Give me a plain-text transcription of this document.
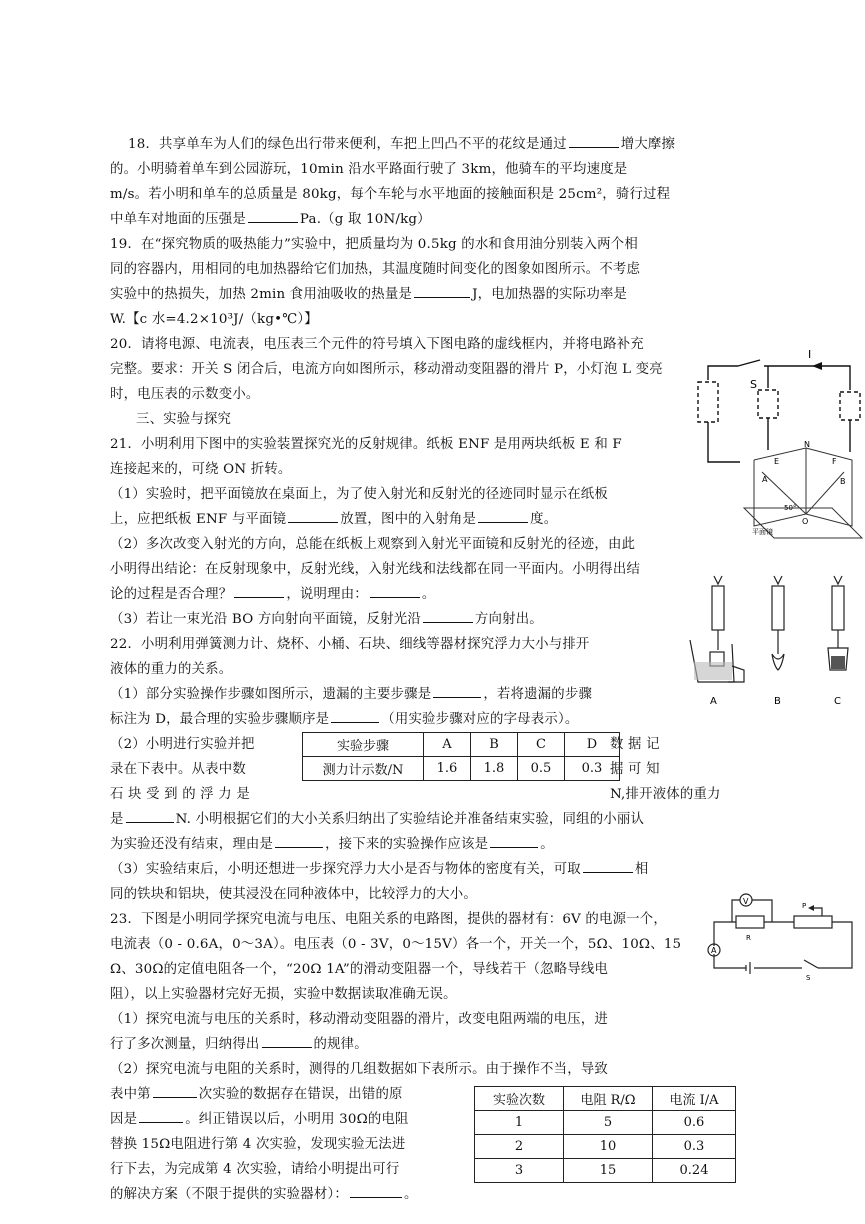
18．共享单车为人们的绿色出行带来便利，车把上凹凸不平的花纹是通过	增大摩擦
的。小明骑着单车到公园游玩，10min 沿水平路面行驶了 3km，他骑车的平均速度是
m/s。若小明和单车的总质量是 80kg，每个车轮与水平地面的接触面积是 25cm²，骑行过程
中单车对地面的压强是	Pa.（g 取 10N/kg）
19．在“探究物质的吸热能力”实验中，把质量均为 0.5kg 的水和食用油分别装入两个相
同的容器内，用相同的电加热器给它们加热，其温度随时间变化的图象如图所示。不考虑
实验中的热损失，加热 2min 食用油吸收的热量是	J，电加热器的实际功率是
W.【c 水=4.2×10³J/（kg•℃）】
20．请将电源、电流表，电压表三个元件的符号填入下图电路的虚线框内，并将电路补充
完整。要求：开关 S 闭合后，电流方向如图所示，移动滑动变阻器的滑片 P，小灯泡 L 变亮
时，电压表的示数变小。
三、实验与探究
21．小明利用下图中的实验装置探究光的反射规律。纸板 ENF 是用两块纸板 E 和 F
连接起来的，可绕 ON 折转。
（1）实验时，把平面镜放在桌面上，为了使入射光和反射光的径迹同时显示在纸板
上，应把纸板 ENF 与平面镜	放置，图中的入射角是	度。
（2）多次改变入射光的方向，总能在纸板上观察到入射光平面镜和反射光的径迹，由此
小明得出结论：在反射现象中，反射光线，入射光线和法线都在同一平面内。小明得出结
论的过程是否合理？	，说明理由：	。
（3）若让一束光沿 BO 方向射向平面镜，反射光沿	方向射出。
22．小明利用弹簧测力计、烧杯、小桶、石块、细线等器材探究浮力大小与排开
液体的重力的关系。
（1）部分实验操作步骤如图所示，遗漏的主要步骤是	，若将遗漏的步骤
标注为 D，最合理的实验步骤顺序是	（用实验步骤对应的字母表示）。
（2）小明进行实验并把	数 据 记
录在下表中。从表中数	据 可 知
石 块 受 到 的 浮 力 是	N,排开液体的重力
是	N. 小明根据它们的大小关系归纳出了实验结论并准备结束实验，同组的小丽认
为实验还没有结束，理由是	，接下来的实验操作应该是	。
（3）实验结束后，小明还想进一步探究浮力大小是否与物体的密度有关，可取	相
同的铁块和铝块，使其浸没在同种液体中，比较浮力的大小。
实验步骤	A	B	C	D
测力计示数/N	1.6	1.8	0.5	0.3
23．下图是小明同学探究电流与电压、电阻关系的电路图，提供的器材有：6V 的电源一个，
电流表（0 - 0.6A，0～3A）。电压表（0 - 3V，0～15V）各一个，开关一个，5Ω、10Ω、15
Ω、30Ω的定值电阻各一个，“20Ω 1A”的滑动变阻器一个，导线若干（忽略导线电
阻），以上实验器材完好无损，实验中数据读取准确无误。
（1）探究电流与电压的关系时，移动滑动变阻器的滑片，改变电阻两端的电压，进
行了多次测量，归纳得出	的规律。
（2）探究电流与电阻的关系时，测得的几组数据如下表所示。由于操作不当，导致
表中第	次实验的数据存在错误，出错的原
因是	。纠正错误以后，小明用 30Ω的电阻
替换 15Ω电阻进行第 4 次实验，发现实验无法进
行下去，为完成第 4 次实验，请给小明提出可行
的解决方案（不限于提供的实验器材）：	。
实验次数	电阻 R/Ω	电流 I/A
1	5	0.6
2	10	0.3
3	15	0.24
S
I
N
E	F
A	B
O
50°
平面镜
A	B	C
V
A
R
P
S
